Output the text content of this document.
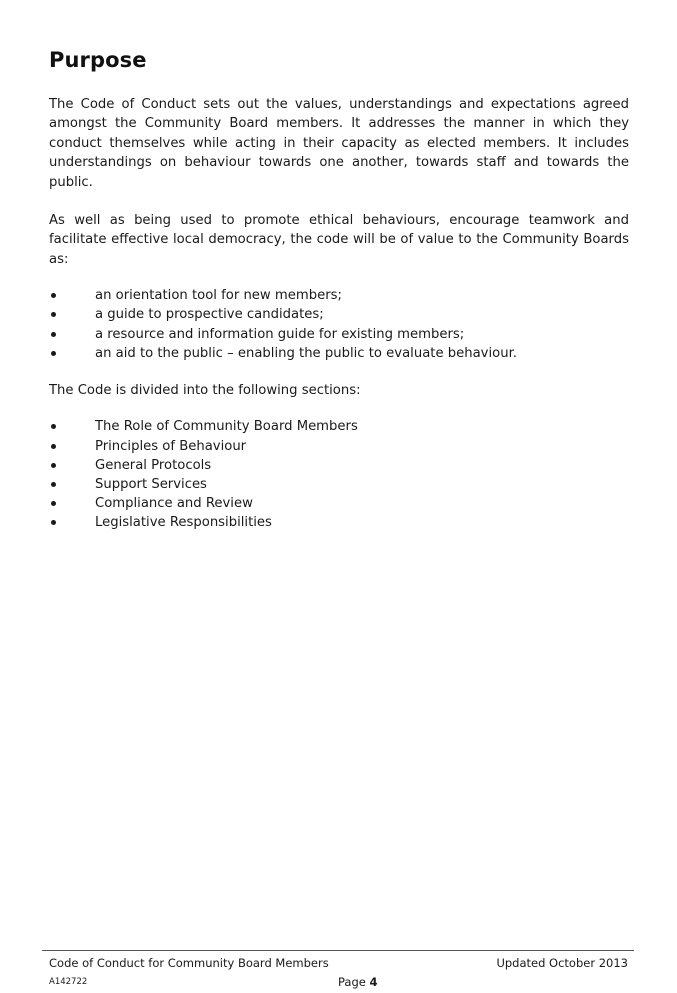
Purpose

The Code of Conduct sets out the values, understandings and expectations agreed amongst the Community Board members. It addresses the manner in which they conduct themselves while acting in their capacity as elected members. It includes understandings on behaviour towards one another, towards staff and towards the public.

As well as being used to promote ethical behaviours, encourage teamwork and facilitate effective local democracy, the code will be of value to the Community Boards as:

an orientation tool for new members;
a guide to prospective candidates;
a resource and information guide for existing members;
an aid to the public – enabling the public to evaluate behaviour.

The Code is divided into the following sections:

The Role of Community Board Members
Principles of Behaviour
General Protocols
Support Services
Compliance and Review
Legislative Responsibilities
Code of Conduct for Community Board Members	Updated October 2013
A142722	Page 4
